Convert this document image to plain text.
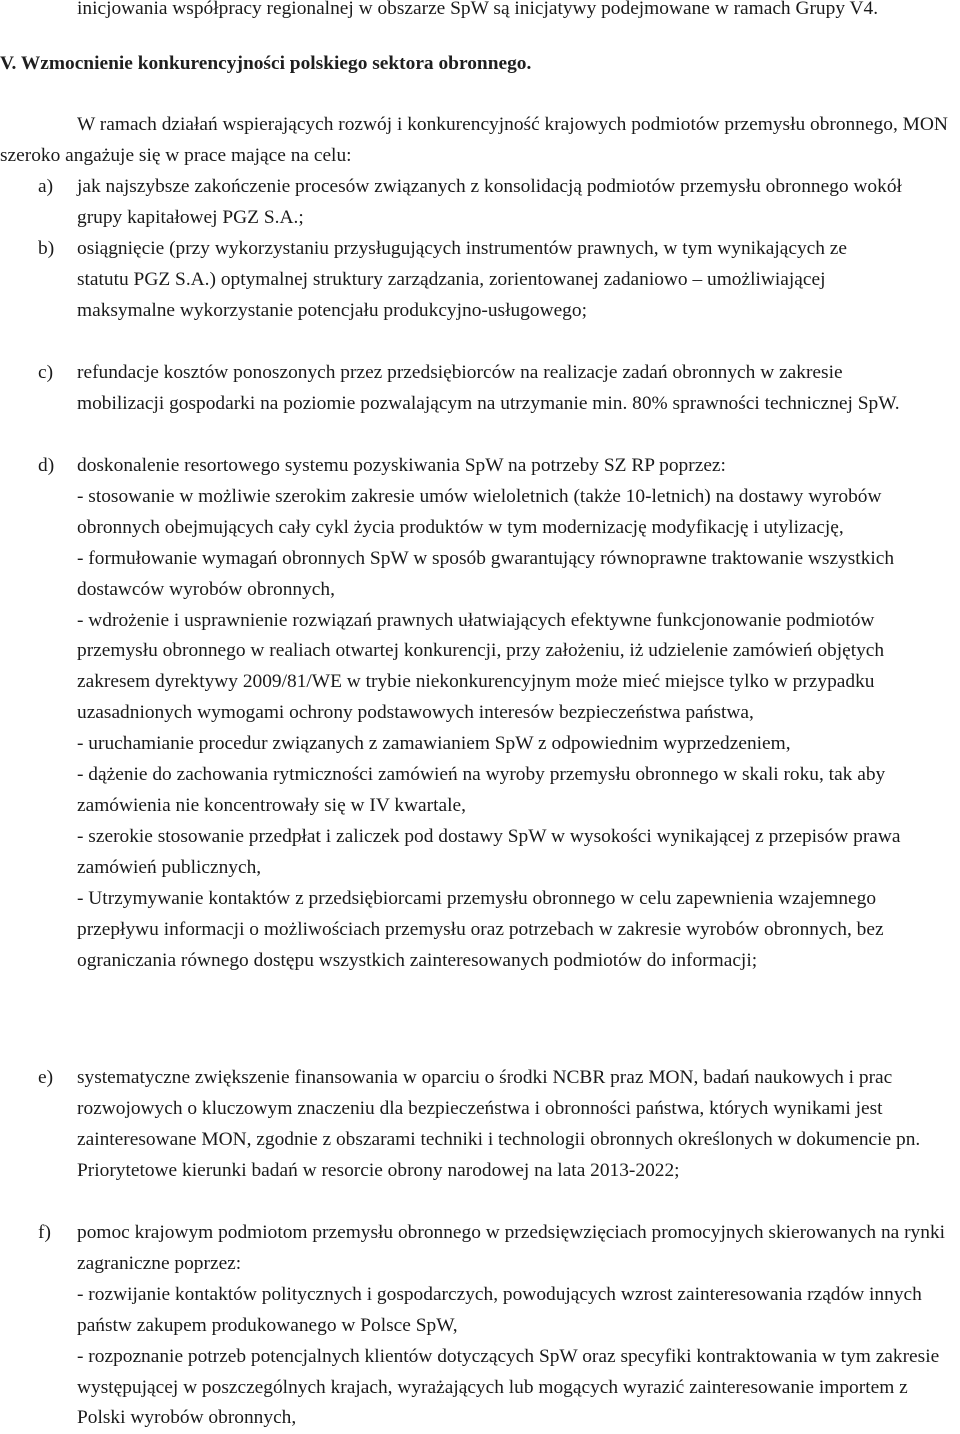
inicjowania współpracy regionalnej w obszarze SpW są inicjatywy podejmowane w ramach Grupy V4.

V. Wzmocnienie konkurencyjności polskiego sektora obronnego.

W ramach działań wspierających rozwój i konkurencyjność krajowych podmiotów przemysłu obronnego, MON szeroko angażuje się w prace mające na celu:

a)	jak najszybsze zakończenie procesów związanych z konsolidacją podmiotów przemysłu obronnego wokół grupy kapitałowej PGZ S.A.;

b)	osiągnięcie (przy wykorzystaniu przysługujących instrumentów prawnych, w tym wynikających ze statutu PGZ S.A.) optymalnej struktury zarządzania, zorientowanej zadaniowo – umożliwiającej maksymalne wykorzystanie potencjału produkcyjno-usługowego;

c)	refundacje kosztów ponoszonych przez przedsiębiorców na realizacje zadań obronnych w zakresie mobilizacji gospodarki na poziomie pozwalającym na utrzymanie min. 80% sprawności technicznej SpW.

d)	doskonalenie resortowego systemu pozyskiwania SpW na potrzeby SZ RP poprzez:

- stosowanie w możliwie szerokim zakresie umów wieloletnich (także 10-letnich) na dostawy wyrobów obronnych obejmujących cały cykl życia produktów w tym modernizację modyfikację i utylizację,

- formułowanie wymagań obronnych SpW w sposób gwarantujący równoprawne traktowanie wszystkich dostawców wyrobów obronnych,

- wdrożenie i usprawnienie rozwiązań prawnych ułatwiających efektywne funkcjonowanie podmiotów przemysłu obronnego w realiach otwartej konkurencji, przy założeniu, iż udzielenie zamówień objętych zakresem dyrektywy 2009/81/WE w trybie niekonkurencyjnym może mieć miejsce tylko w przypadku uzasadnionych wymogami ochrony podstawowych interesów bezpieczeństwa państwa,

- uruchamianie procedur związanych z zamawianiem SpW z odpowiednim wyprzedzeniem,

- dążenie do zachowania rytmiczności zamówień na wyroby przemysłu obronnego w skali roku, tak aby zamówienia nie koncentrowały się w IV kwartale,

- szerokie stosowanie przedpłat i zaliczek pod dostawy SpW w wysokości wynikającej z przepisów prawa zamówień publicznych,

- Utrzymywanie kontaktów z przedsiębiorcami przemysłu obronnego w celu zapewnienia wzajemnego przepływu informacji o możliwościach przemysłu oraz potrzebach w zakresie wyrobów obronnych, bez ograniczania równego dostępu wszystkich zainteresowanych podmiotów do informacji;

e)	systematyczne zwiększenie finansowania w oparciu o środki NCBR praz MON, badań naukowych i prac rozwojowych o kluczowym znaczeniu dla bezpieczeństwa i obronności państwa, których wynikami jest zainteresowane MON, zgodnie z obszarami techniki i technologii obronnych określonych w dokumencie pn. Priorytetowe kierunki badań w resorcie obrony narodowej na lata 2013-2022;

f)	pomoc krajowym podmiotom przemysłu obronnego w przedsięwzięciach promocyjnych skierowanych na rynki zagraniczne poprzez:

- rozwijanie kontaktów politycznych i gospodarczych, powodujących wzrost zainteresowania rządów innych państw zakupem produkowanego w Polsce SpW,

- rozpoznanie potrzeb potencjalnych klientów dotyczących SpW oraz specyfiki kontraktowania w tym zakresie występującej w poszczególnych krajach, wyrażających lub mogących wyrazić zainteresowanie importem z Polski wyrobów obronnych,
